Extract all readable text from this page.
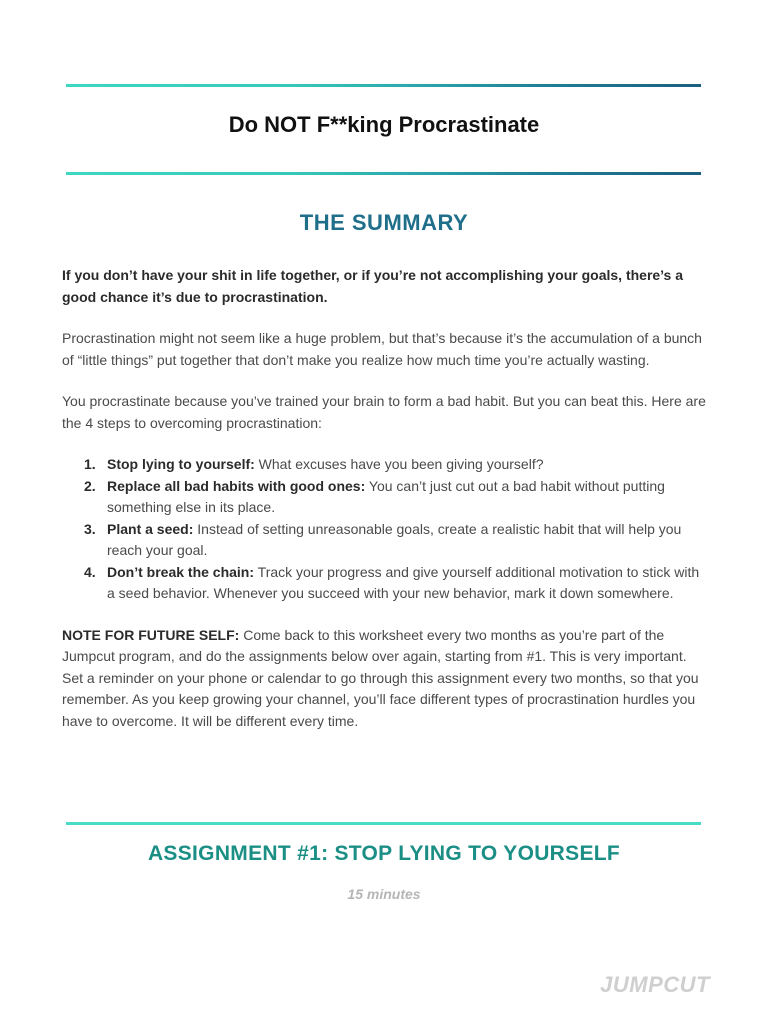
Do NOT F**king Procrastinate
THE SUMMARY

If you don’t have your shit in life together, or if you’re not accomplishing your goals, there’s a good chance it’s due to procrastination.

Procrastination might not seem like a huge problem, but that’s because it’s the accumulation of a bunch of “little things” put together that don’t make you realize how much time you’re actually wasting.

You procrastinate because you’ve trained your brain to form a bad habit. But you can beat this. Here are the 4 steps to overcoming procrastination:

1. Stop lying to yourself: What excuses have you been giving yourself?
2. Replace all bad habits with good ones: You can’t just cut out a bad habit without putting something else in its place.
3. Plant a seed: Instead of setting unreasonable goals, create a realistic habit that will help you reach your goal.
4. Don’t break the chain: Track your progress and give yourself additional motivation to stick with a seed behavior. Whenever you succeed with your new behavior, mark it down somewhere.

NOTE FOR FUTURE SELF: Come back to this worksheet every two months as you’re part of the Jumpcut program, and do the assignments below over again, starting from #1. This is very important. Set a reminder on your phone or calendar to go through this assignment every two months, so that you remember. As you keep growing your channel, you’ll face different types of procrastination hurdles you have to overcome. It will be different every time.

ASSIGNMENT #1: STOP LYING TO YOURSELF

15 minutes

JUMPCUT
